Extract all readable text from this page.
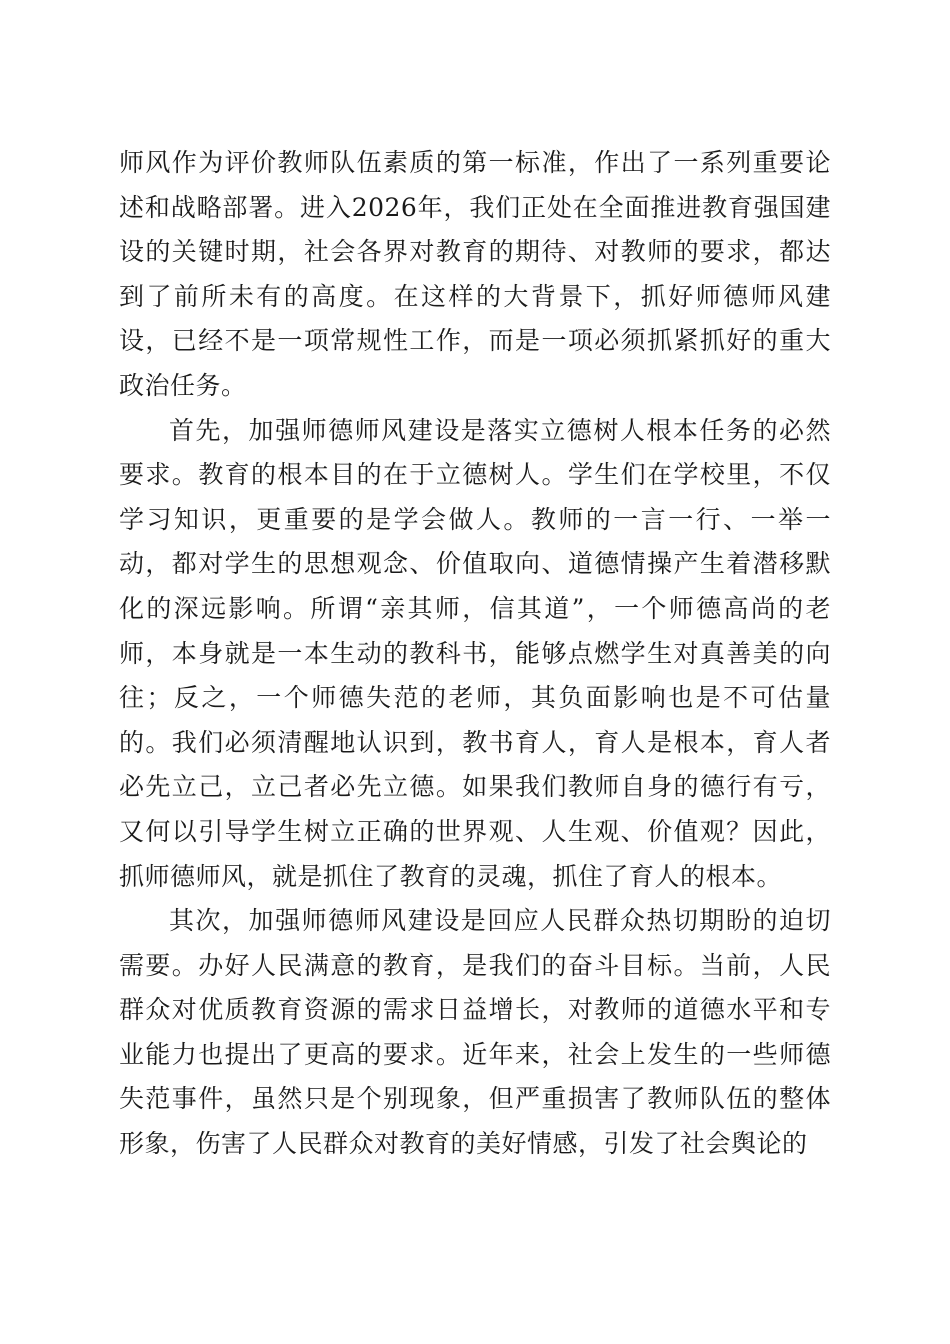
师风作为评价教师队伍素质的第一标准，作出了一系列重要论述和战略部署。进入2026年，我们正处在全面推进教育强国建设的关键时期，社会各界对教育的期待、对教师的要求，都达到了前所未有的高度。在这样的大背景下，抓好师德师风建设，已经不是一项常规性工作，而是一项必须抓紧抓好的重大政治任务。

首先，加强师德师风建设是落实立德树人根本任务的必然要求。教育的根本目的在于立德树人。学生们在学校里，不仅学习知识，更重要的是学会做人。教师的一言一行、一举一动，都对学生的思想观念、价值取向、道德情操产生着潜移默化的深远影响。所谓“亲其师，信其道”，一个师德高尚的老师，本身就是一本生动的教科书，能够点燃学生对真善美的向往；反之，一个师德失范的老师，其负面影响也是不可估量的。我们必须清醒地认识到，教书育人，育人是根本，育人者必先立己，立己者必先立德。如果我们教师自身的德行有亏，又何以引导学生树立正确的世界观、人生观、价值观？因此，抓师德师风，就是抓住了教育的灵魂，抓住了育人的根本。

其次，加强师德师风建设是回应人民群众热切期盼的迫切需要。办好人民满意的教育，是我们的奋斗目标。当前，人民群众对优质教育资源的需求日益增长，对教师的道德水平和专业能力也提出了更高的要求。近年来，社会上发生的一些师德失范事件，虽然只是个别现象，但严重损害了教师队伍的整体形象，伤害了人民群众对教育的美好情感，引发了社会舆论的
